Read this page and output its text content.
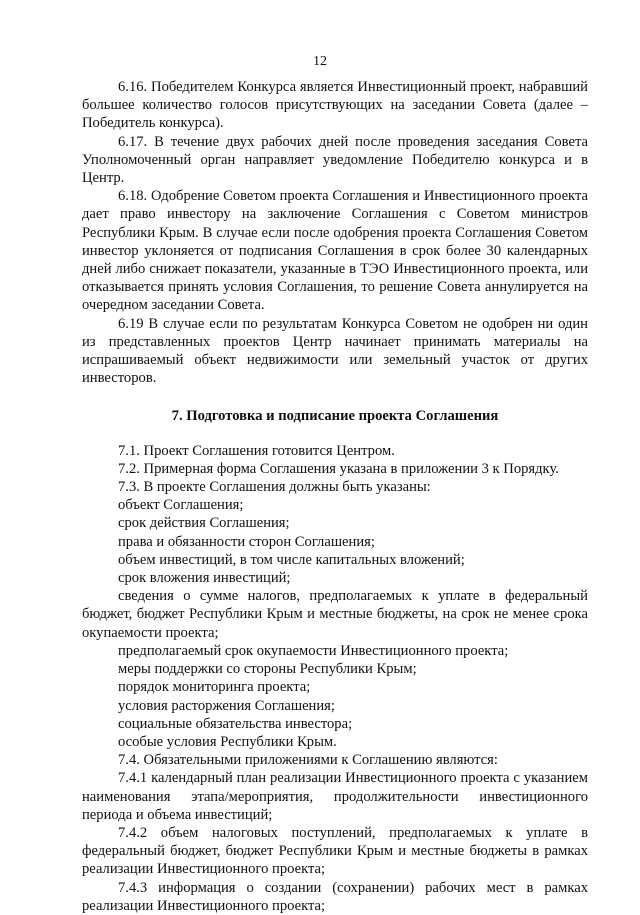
12

6.16. Победителем Конкурса является Инвестиционный проект, набравший большее количество голосов присутствующих на заседании Совета (далее – Победитель конкурса).

6.17. В течение двух рабочих дней после проведения заседания Совета Уполномоченный орган направляет уведомление Победителю конкурса и в Центр.

6.18. Одобрение Советом проекта Соглашения и Инвестиционного проекта дает право инвестору на заключение Соглашения с Советом министров Республики Крым. В случае если после одобрения проекта Соглашения Советом инвестор уклоняется от подписания Соглашения в срок более 30 календарных дней либо снижает показатели, указанные в ТЭО Инвестиционного проекта, или отказывается принять условия Соглашения, то решение Совета аннулируется на очередном заседании Совета.

6.19 В случае если по результатам Конкурса Советом не одобрен ни один из представленных проектов Центр начинает принимать материалы на испрашиваемый объект недвижимости или земельный участок от других инвесторов.

7. Подготовка и подписание проекта Соглашения

7.1. Проект Соглашения готовится Центром.

7.2. Примерная форма Соглашения указана в приложении 3 к Порядку.

7.3. В проекте Соглашения должны быть указаны:

объект Соглашения;

срок действия Соглашения;

права и обязанности сторон Соглашения;

объем инвестиций, в том числе капитальных вложений;

срок вложения инвестиций;

сведения о сумме налогов, предполагаемых к уплате в федеральный бюджет, бюджет Республики Крым и местные бюджеты, на срок не менее срока окупаемости проекта;

предполагаемый срок окупаемости Инвестиционного проекта;

меры поддержки со стороны Республики Крым;

порядок мониторинга проекта;

условия расторжения Соглашения;

социальные обязательства инвестора;

особые условия Республики Крым.

7.4. Обязательными приложениями к Соглашению являются:

7.4.1 календарный план реализации Инвестиционного проекта с указанием наименования этапа/мероприятия, продолжительности инвестиционного периода и объема инвестиций;

7.4.2 объем налоговых поступлений, предполагаемых к уплате в федеральный бюджет, бюджет Республики Крым и местные бюджеты в рамках реализации Инвестиционного проекта;

7.4.3 информация о создании (сохранении) рабочих мест в рамках реализации Инвестиционного проекта;
